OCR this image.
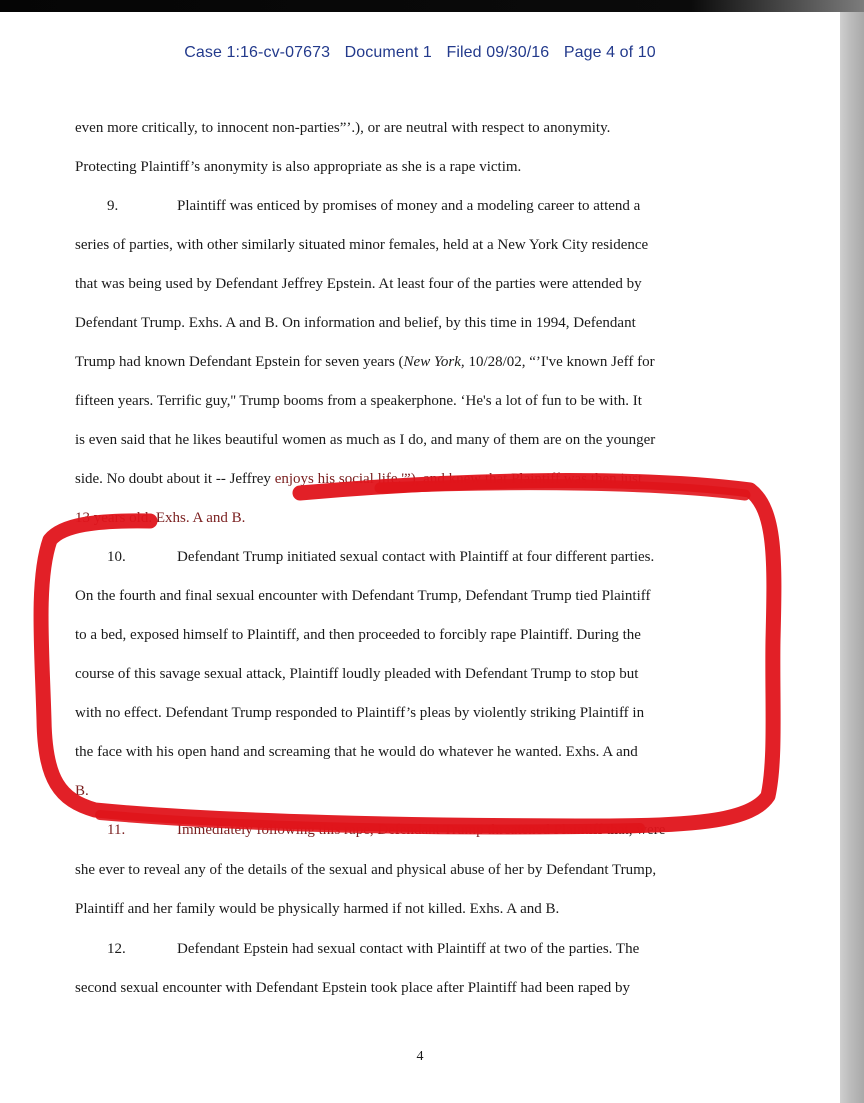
Case 1:16-cv-07673 Document 1 Filed 09/30/16 Page 4 of 10
even more critically, to innocent non-parties”’.), or are neutral with respect to anonymity.
Protecting Plaintiff’s anonymity is also appropriate as she is a rape victim.
9.	Plaintiff was enticed by promises of money and a modeling career to attend a
series of parties, with other similarly situated minor females, held at a New York City residence
that was being used by Defendant Jeffrey Epstein. At least four of the parties were attended by
Defendant Trump. Exhs. A and B. On information and belief, by this time in 1994, Defendant
Trump had known Defendant Epstein for seven years (New York, 10/28/02, “’I've known Jeff for
fifteen years. Terrific guy,'' Trump booms from a speakerphone. ‘He's a lot of fun to be with. It
is even said that he likes beautiful women as much as I do, and many of them are on the younger
side. No doubt about it -- Jeffrey enjoys his social life.'”), and knew that Plaintiff was then just
13 years old. Exhs. A and B.
10.	Defendant Trump initiated sexual contact with Plaintiff at four different parties.
On the fourth and final sexual encounter with Defendant Trump, Defendant Trump tied Plaintiff
to a bed, exposed himself to Plaintiff, and then proceeded to forcibly rape Plaintiff. During the
course of this savage sexual attack, Plaintiff loudly pleaded with Defendant Trump to stop but
with no effect. Defendant Trump responded to Plaintiff’s pleas by violently striking Plaintiff in
the face with his open hand and screaming that he would do whatever he wanted. Exhs. A and
B.
11.	Immediately following this rape, Defendant Trump threatened Plaintiff that, were
she ever to reveal any of the details of the sexual and physical abuse of her by Defendant Trump,
Plaintiff and her family would be physically harmed if not killed. Exhs. A and B.
12.	Defendant Epstein had sexual contact with Plaintiff at two of the parties. The
second sexual encounter with Defendant Epstein took place after Plaintiff had been raped by
4
